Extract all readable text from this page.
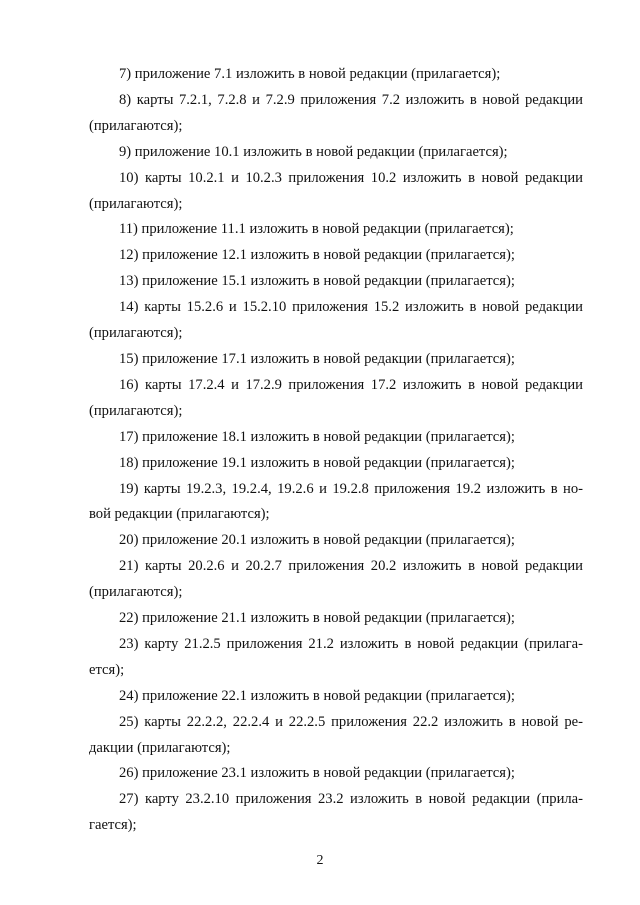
7) приложение 7.1 изложить в новой редакции (прилагается);

8) карты 7.2.1, 7.2.8 и 7.2.9 приложения 7.2 изложить в новой редакции
(прилагаются);

9) приложение 10.1 изложить в новой редакции (прилагается);

10) карты 10.2.1 и 10.2.3 приложения 10.2 изложить в новой редакции
(прилагаются);

11) приложение 11.1 изложить в новой редакции (прилагается);

12) приложение 12.1 изложить в новой редакции (прилагается);

13) приложение 15.1 изложить в новой редакции (прилагается);

14) карты 15.2.6 и 15.2.10 приложения 15.2 изложить в новой редакции
(прилагаются);

15) приложение 17.1 изложить в новой редакции (прилагается);

16) карты 17.2.4 и 17.2.9 приложения 17.2 изложить в новой редакции
(прилагаются);

17) приложение 18.1 изложить в новой редакции (прилагается);

18) приложение 19.1 изложить в новой редакции (прилагается);

19) карты 19.2.3, 19.2.4, 19.2.6 и 19.2.8 приложения 19.2 изложить в но-
вой редакции (прилагаются);

20) приложение 20.1 изложить в новой редакции (прилагается);

21) карты 20.2.6 и 20.2.7 приложения 20.2 изложить в новой редакции
(прилагаются);

22) приложение 21.1 изложить в новой редакции (прилагается);

23) карту 21.2.5 приложения 21.2 изложить в новой редакции (прилага-
ется);

24) приложение 22.1 изложить в новой редакции (прилагается);

25) карты 22.2.2, 22.2.4 и 22.2.5 приложения 22.2 изложить в новой ре-
дакции (прилагаются);

26) приложение 23.1 изложить в новой редакции (прилагается);

27) карту 23.2.10 приложения 23.2 изложить в новой редакции (прила-
гается);

2
